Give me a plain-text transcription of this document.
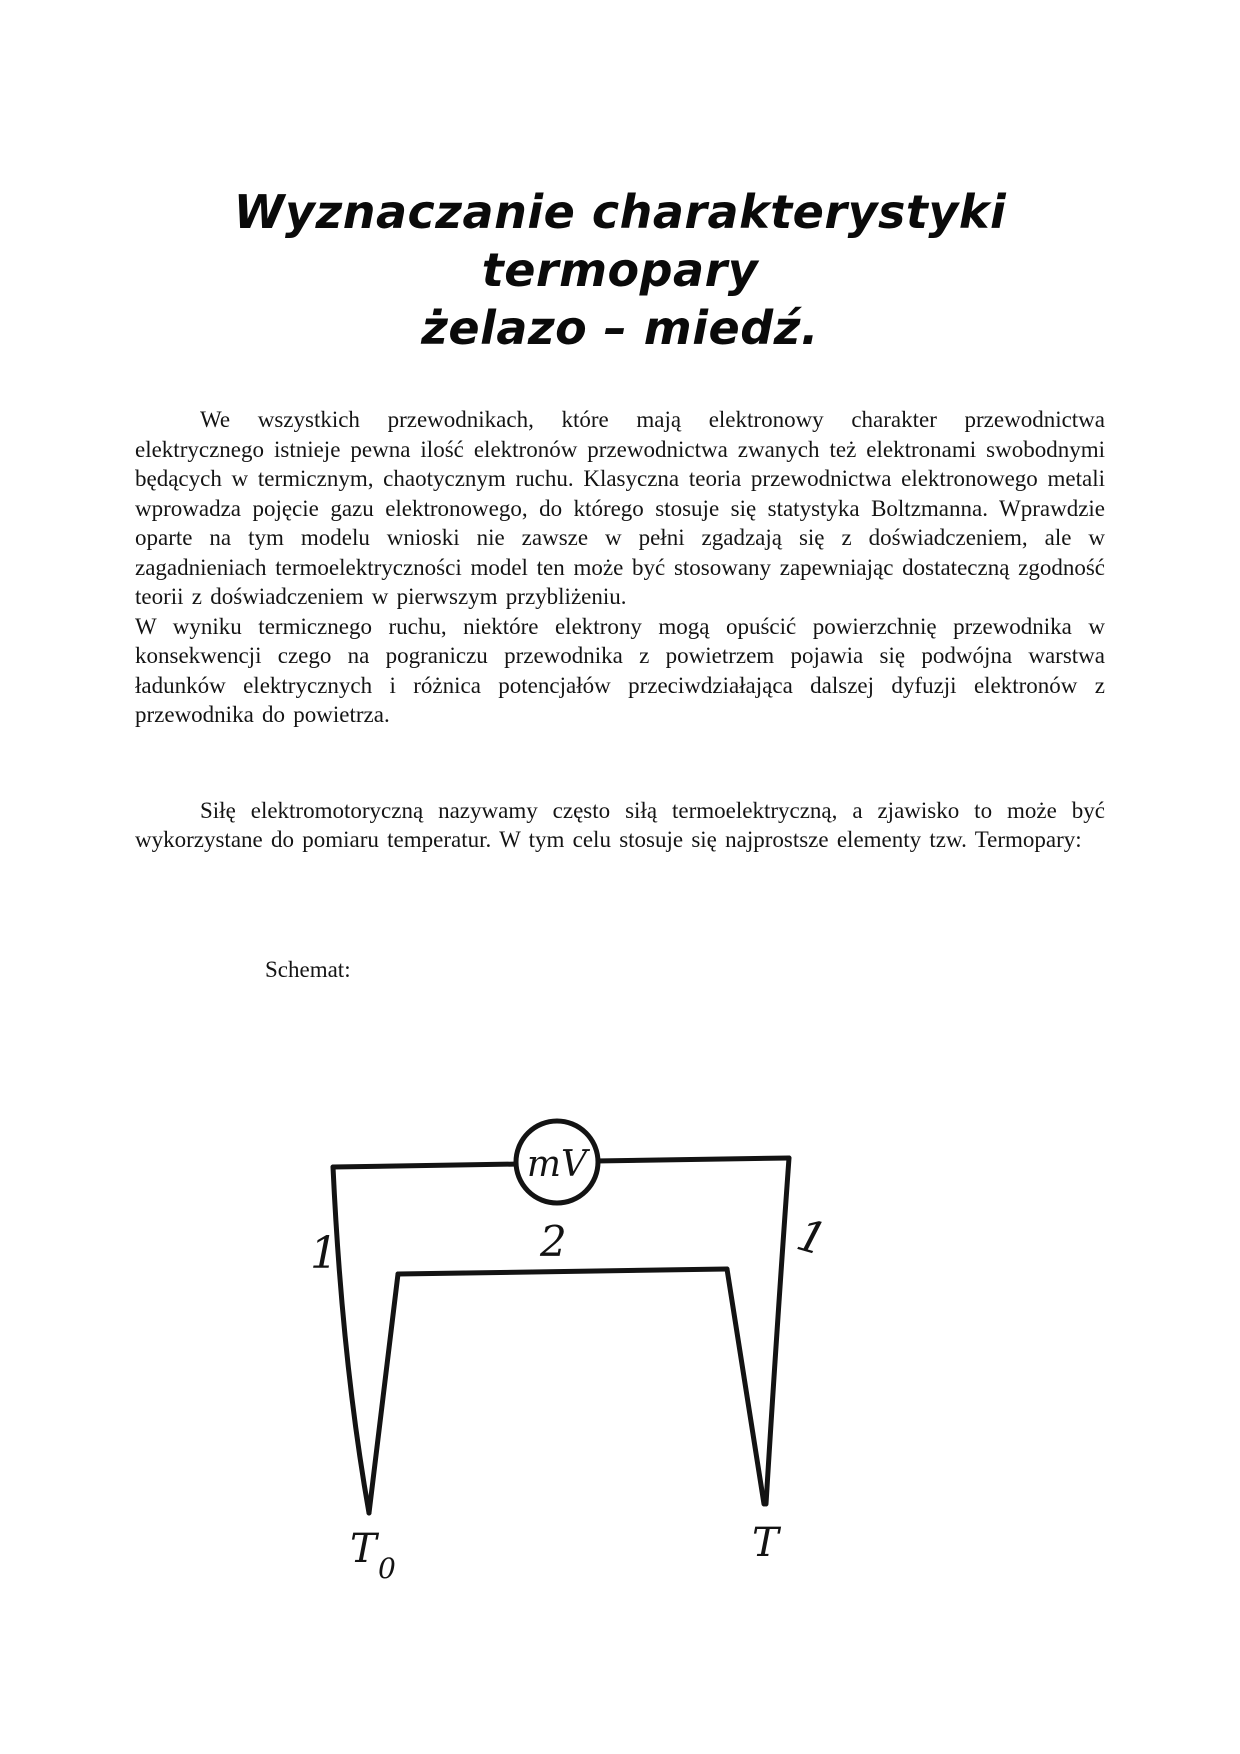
Wyznaczanie charakterystyki
termopary
żelazo – miedź.

We wszystkich przewodnikach, które mają elektronowy charakter przewodnictwa elektrycznego istnieje pewna ilość elektronów przewodnictwa zwanych też elektronami swobodnymi będących w termicznym, chaotycznym ruchu. Klasyczna teoria przewodnictwa elektronowego metali wprowadza pojęcie gazu elektronowego, do którego stosuje się statystyka Boltzmanna. Wprawdzie oparte na tym modelu wnioski nie zawsze w pełni zgadzają się z doświadczeniem, ale w zagadnieniach termoelektryczności model ten może być stosowany zapewniając dostateczną zgodność teorii z doświadczeniem w pierwszym przybliżeniu.

W wyniku termicznego ruchu, niektóre elektrony mogą opuścić powierzchnię przewodnika w konsekwencji czego na pograniczu przewodnika z powietrzem pojawia się podwójna warstwa ładunków elektrycznych i różnica potencjałów przeciwdziałająca dalszej dyfuzji elektronów z przewodnika do powietrza.

Siłę elektromotoryczną nazywamy często siłą termoelektryczną, a zjawisko to może być wykorzystane do pomiaru temperatur. W tym celu stosuje się najprostsze elementy tzw. Termopary:

Schemat:

mV
1	2	1
T 0
T
